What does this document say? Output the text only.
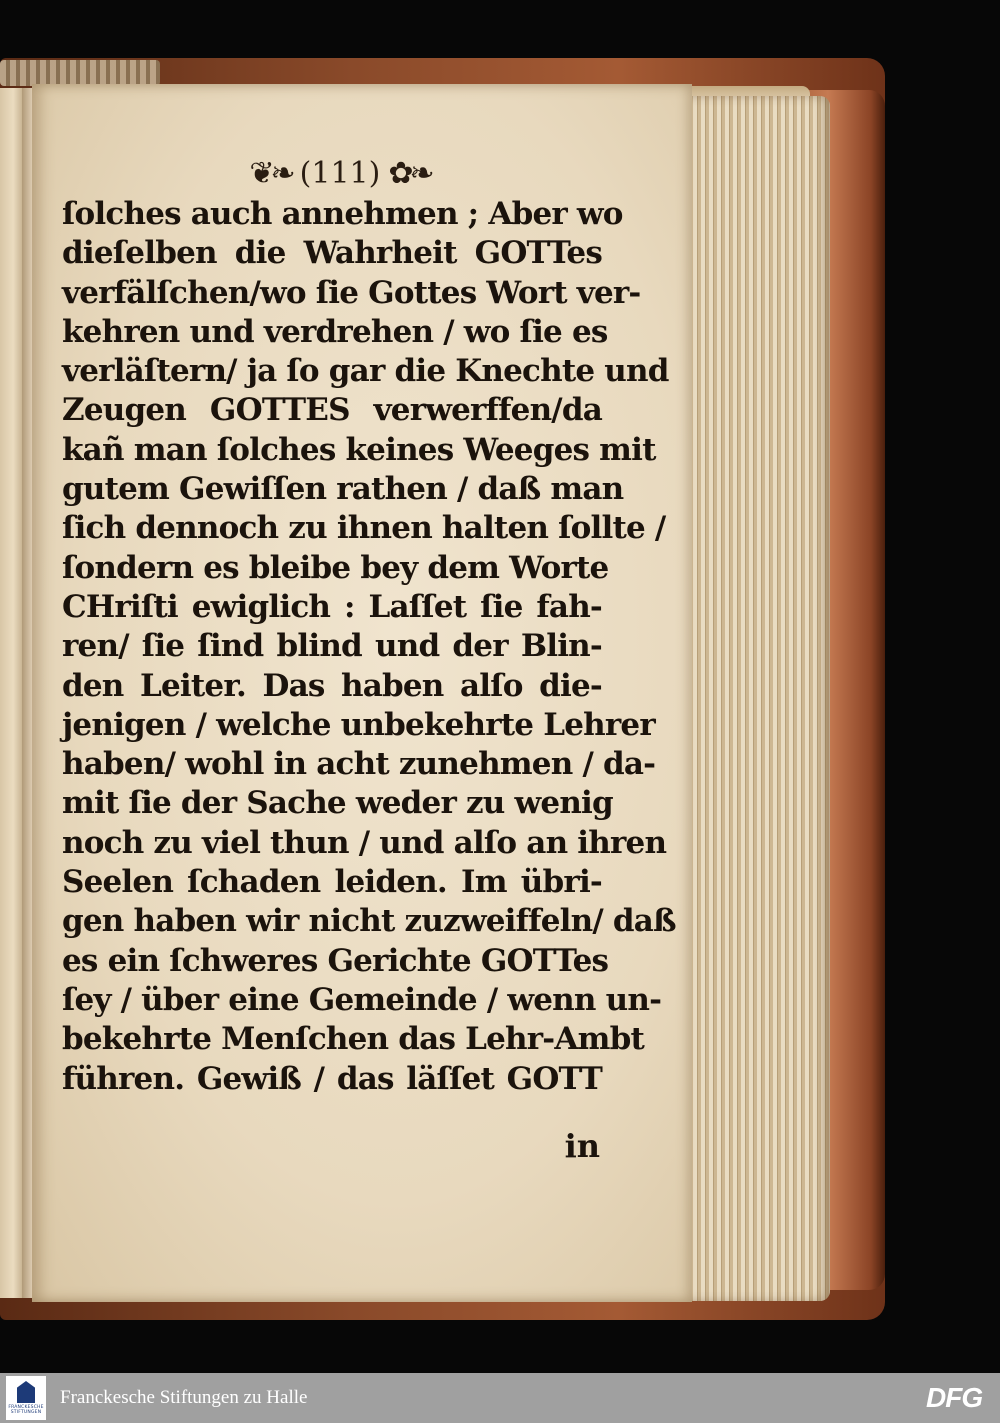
❦❧ (111) ✿❧
ſolches auch annehmen ; Aber wo
dieſelben die Wahrheit GOTTes
verfälſchen/wo ſie Gottes Wort ver-
kehren und verdrehen / wo ſie es
verläſtern/ ja ſo gar die Knechte und
Zeugen GOTTES verwerffen/da
kañ man ſolches keines Weeges mit
gutem Gewiſſen rathen / daß man
ſich dennoch zu ihnen halten ſollte /
ſondern es bleibe bey dem Worte
CHriſti ewiglich : Laſſet ſie fah-
ren/ ſie ſind blind und der Blin-
den Leiter. Das haben alſo die-
jenigen / welche unbekehrte Lehrer
haben/ wohl in acht zunehmen / da-
mit ſie der Sache weder zu wenig
noch zu viel thun / und alſo an ihren
Seelen ſchaden leiden. Im übri-
gen haben wir nicht zuzweiffeln/ daß
es ein ſchweres Gerichte GOTTes
ſey / über eine Gemeinde / wenn un-
bekehrte Menſchen das Lehr-Ambt
führen. Gewiß / das läſſet GOTT
in
FRANCKESCHE STIFTUNGEN
Franckesche Stiftungen zu Halle	DFG
